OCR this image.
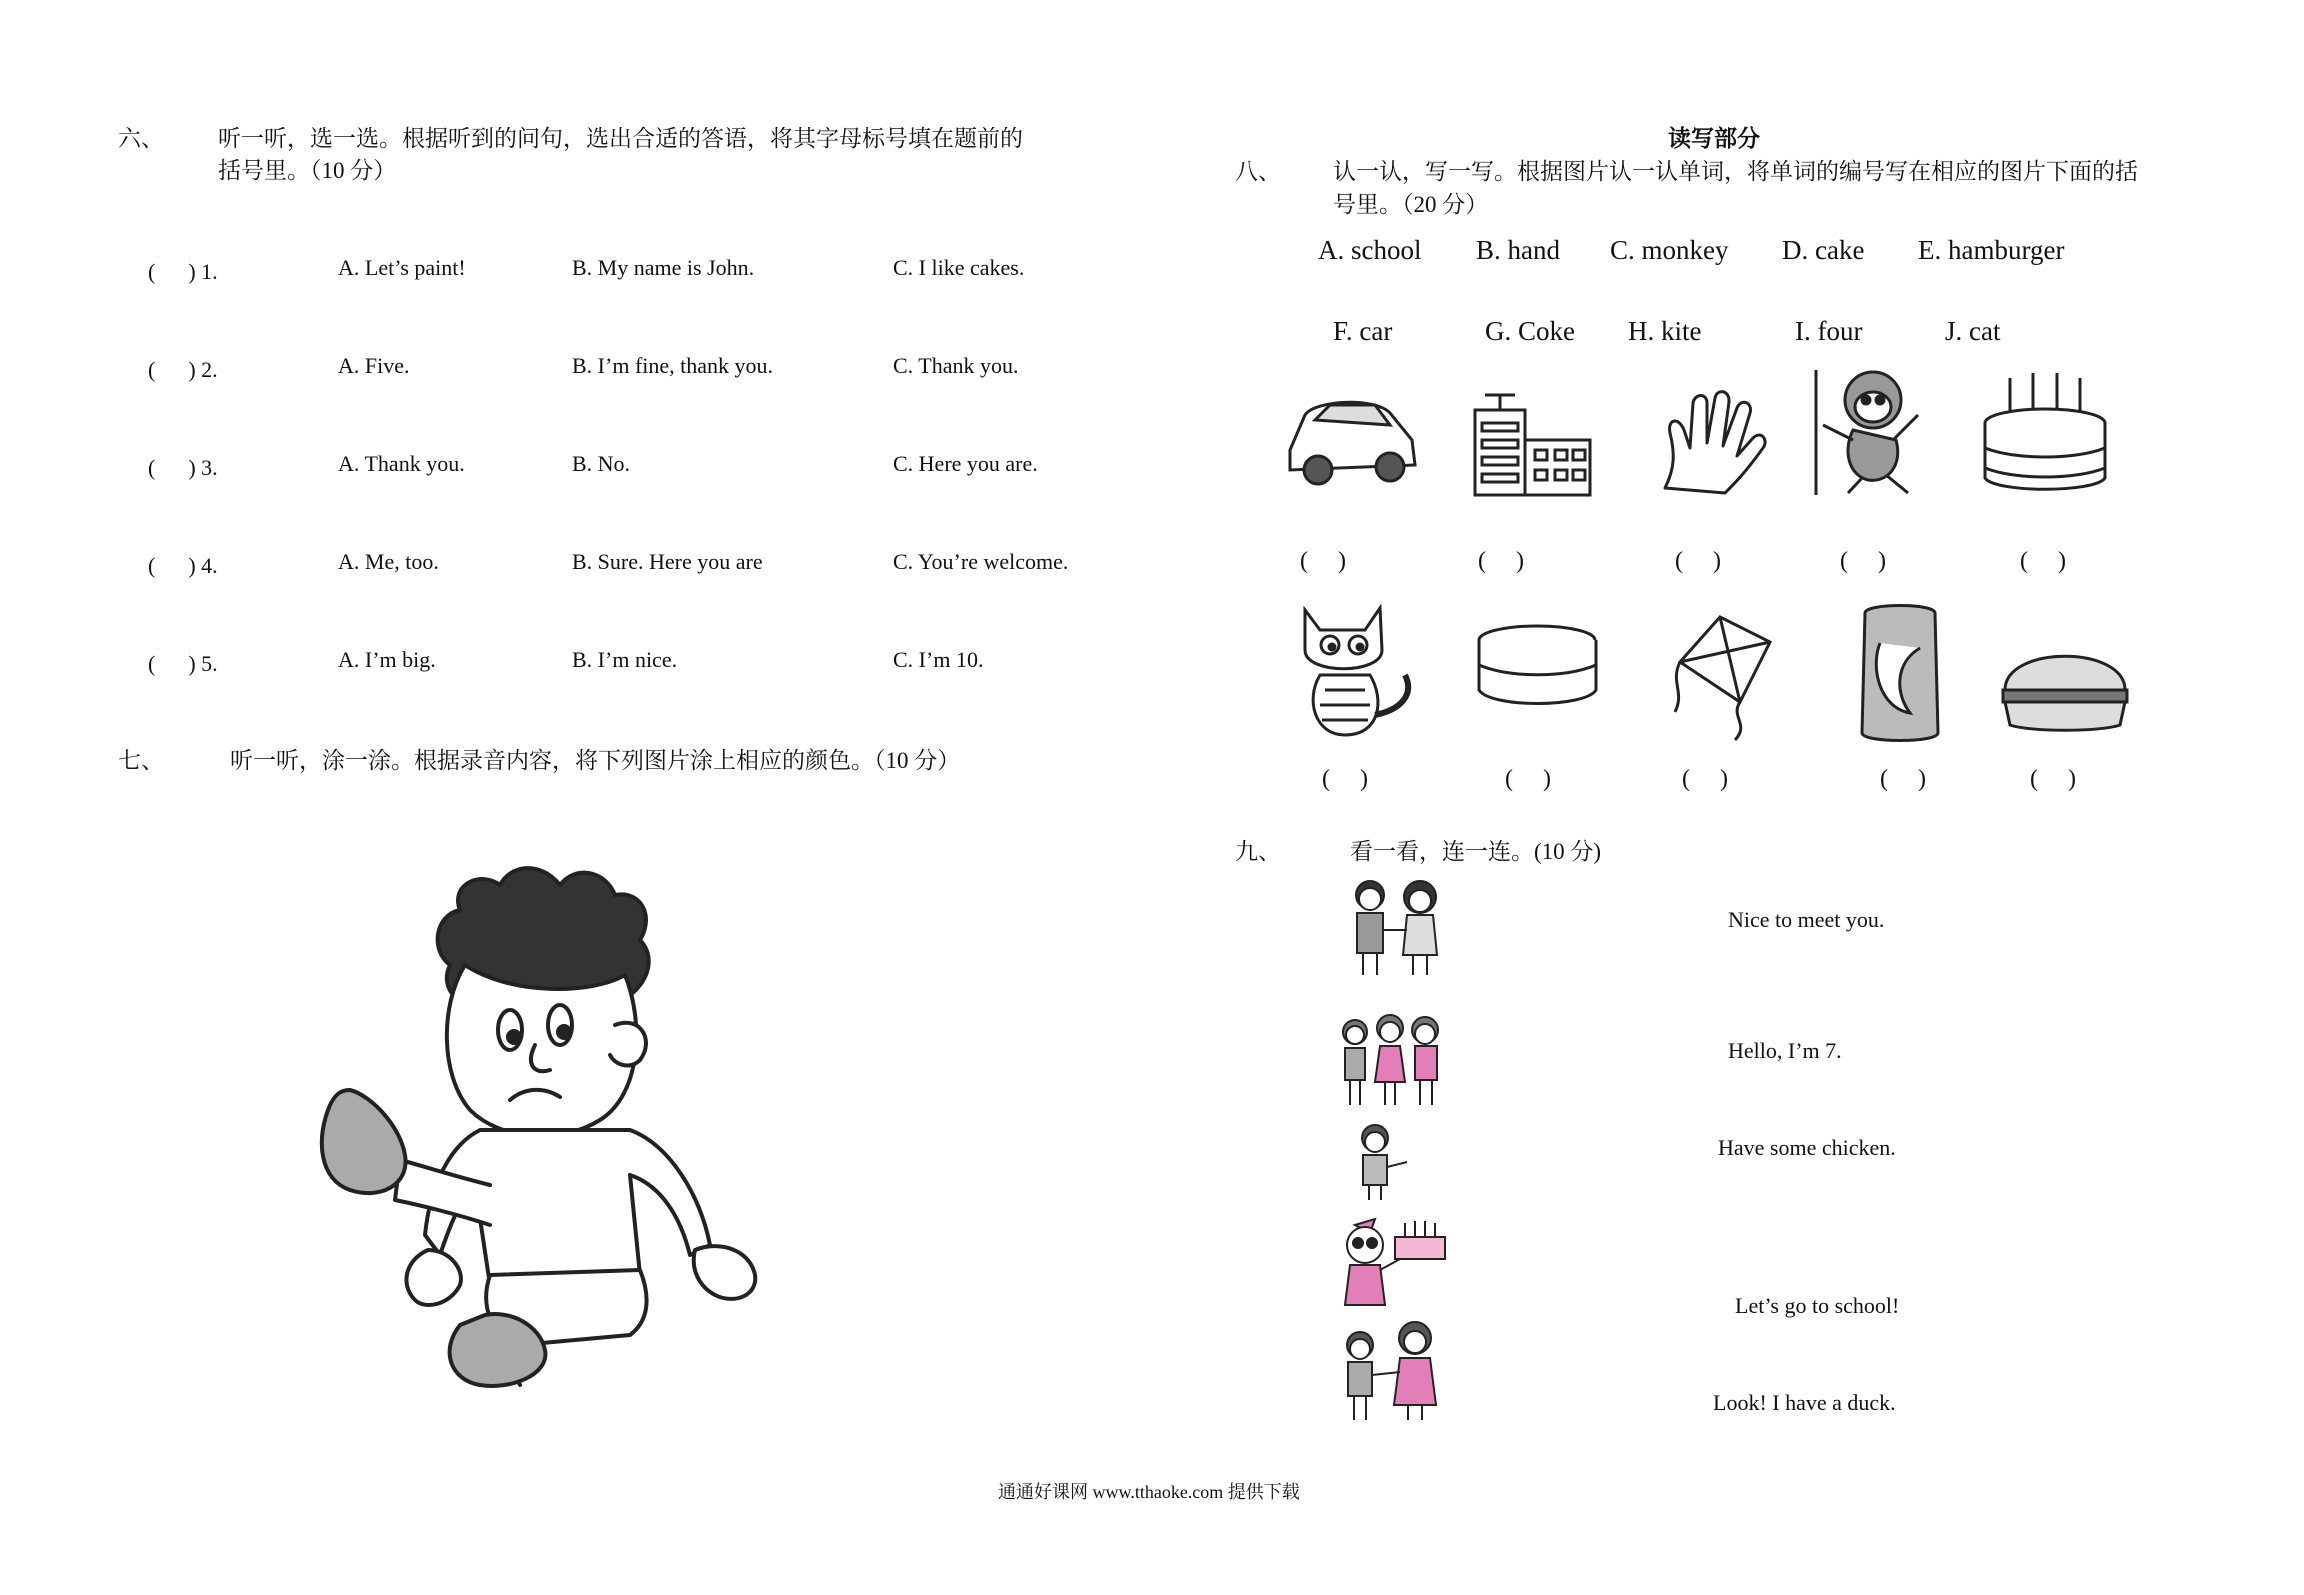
六、 听一听，选一选。根据听到的问句，选出合适的答语，将其字母标号填在题前的
括号里。（10 分）
( 　 ) 1.	A. Let’s paint!	B. My name is John.	C. I like cakes.
( 　 ) 2.	A. Five.	B. I’m fine, thank you.	C. Thank you.
( 　 ) 3.	A. Thank you.	B. No.	C. Here you are.
( 　 ) 4.	A. Me, too.	B. Sure. Here you are	C. You’re welcome.
( 　 ) 5.	A. I’m big.	B. I’m nice.	C. I’m 10.
七、	听一听，涂一涂。根据录音内容，将下列图片涂上相应的颜色。（10 分）
读写部分
八、 认一认，写一写。根据图片认一认单词，将单词的编号写在相应的图片下面的括
号里。（20 分）
A. school B. hand C. monkey D. cake E. hamburger
F. car	G. Coke H. kite	I. four	J. cat
(　 )	(　 )	(　 )	(　 )	(　 )
(　 )	(　 )	(　 )	(　 )	(　 )
九、	看一看，连一连。(10 分)
Nice to meet you.
Hello, I’m 7.
Have some chicken.
Let’s go to school!
Look! I have a duck.
通通好课网 www.tthaoke.com 提供下载
